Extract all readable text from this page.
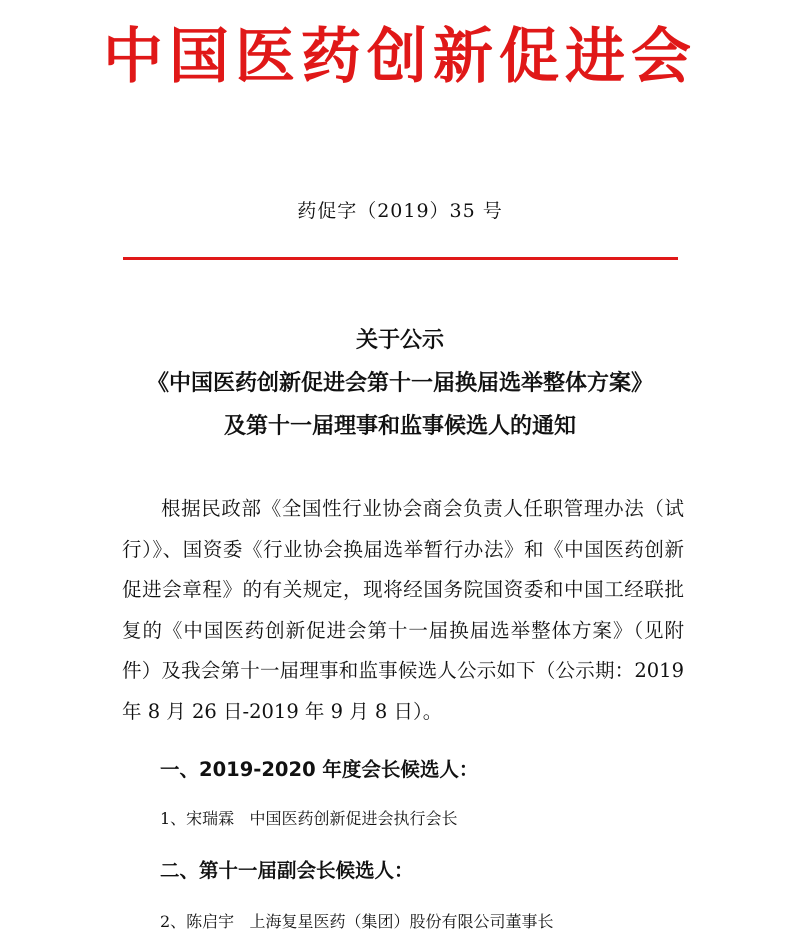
中国医药创新促进会
药促字（2019）35 号
关于公示
《中国医药创新促进会第十一届换届选举整体方案》
及第十一届理事和监事候选人的通知
根据民政部《全国性行业协会商会负责人任职管理办法（试行）》、国资委《行业协会换届选举暂行办法》和《中国医药创新促进会章程》的有关规定，现将经国务院国资委和中国工经联批复的《中国医药创新促进会第十一届换届选举整体方案》（见附件）及我会第十一届理事和监事候选人公示如下（公示期：2019 年 8 月 26 日-2019 年 9 月 8 日）。
一、2019-2020 年度会长候选人：
1、宋瑞霖   中国医药创新促进会执行会长
二、第十一届副会长候选人：
2、陈启宇   上海复星医药（集团）股份有限公司董事长
